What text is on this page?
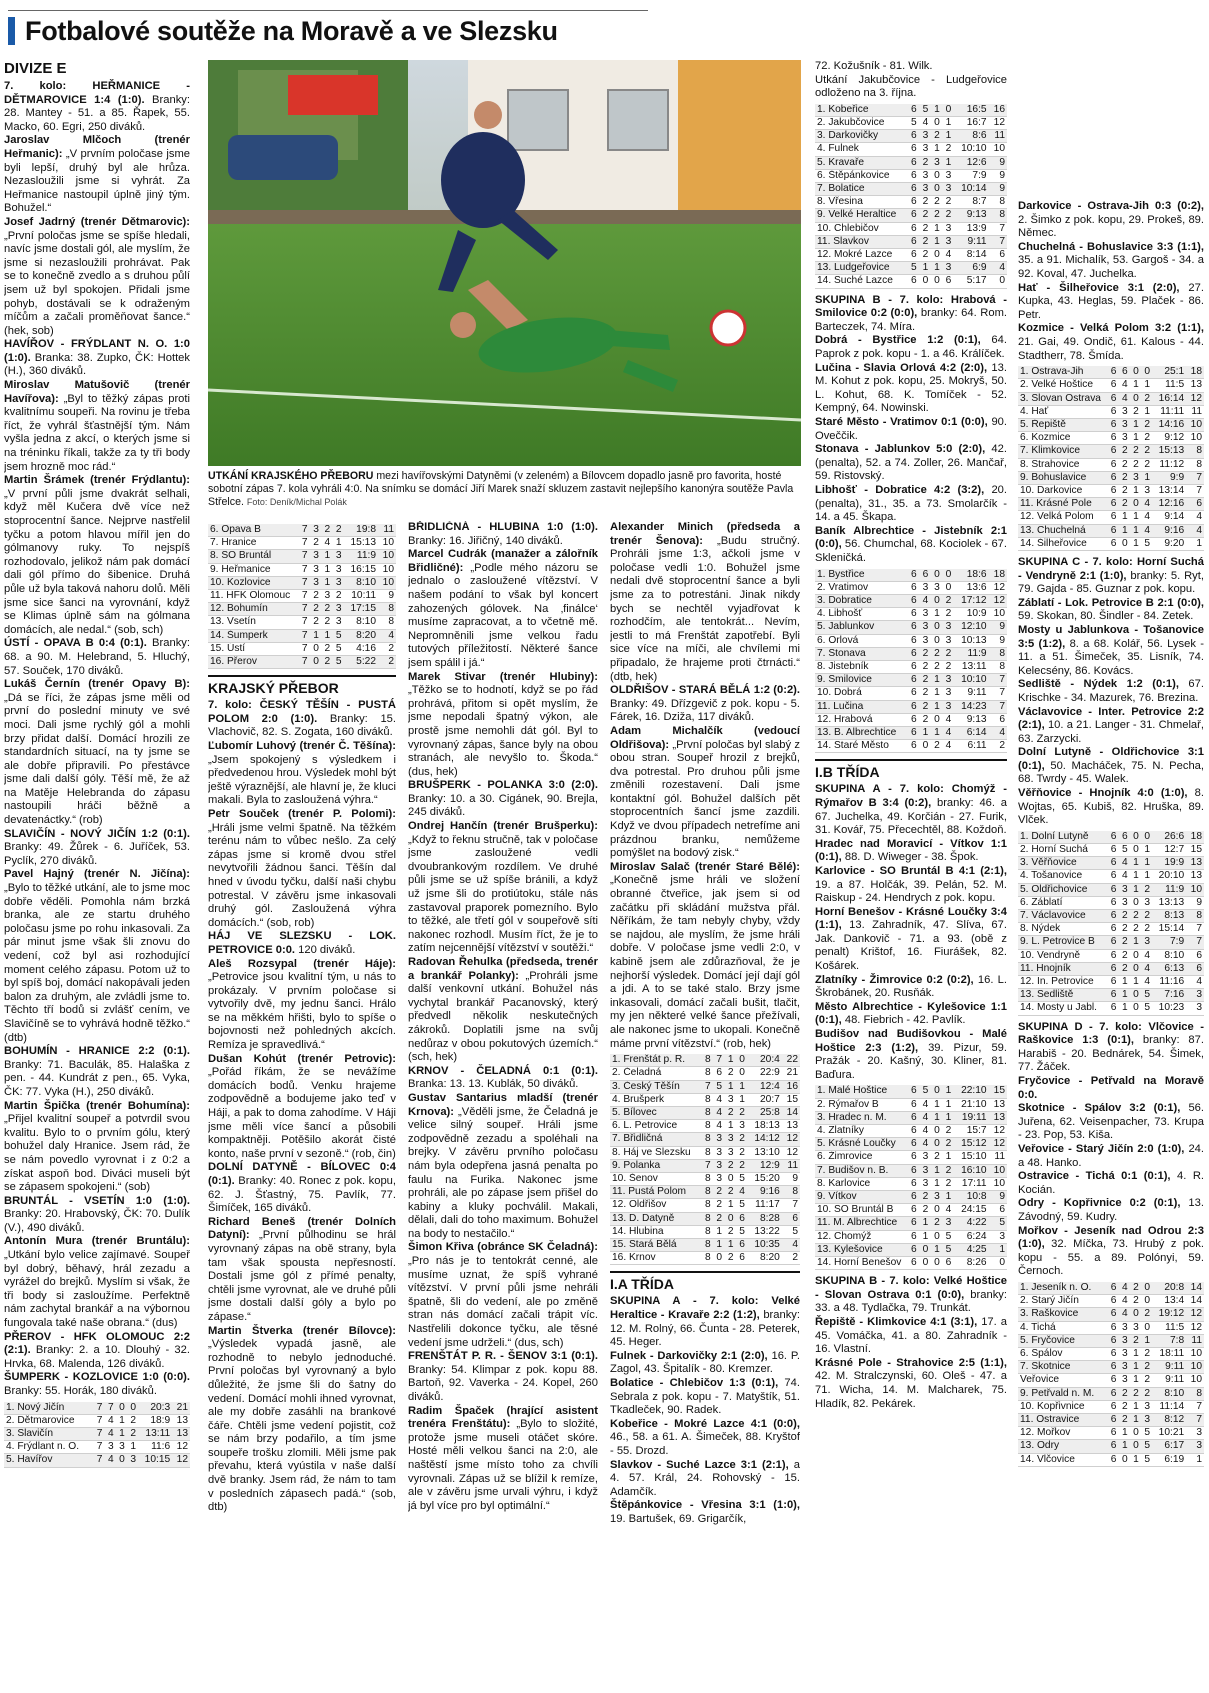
Fotbalové soutěže na Moravě a ve Slezsku
DIVIZE E

7. kolo: HEŘMANICE - DĚTMAROVICE 1:4 (1:0). Branky: 28. Mantey - 51. a 85. Řapek, 55. Macko, 60. Egri, 250 diváků.

Jaroslav Mlčoch (trenér Heřmanic): „V prvním poločase jsme byli lepší, druhý byl ale hrůza. Nezasloužili jsme si vyhrát. Za Heřmanice nastoupil úplně jiný tým. Bohužel.“

Josef Jadrný (trenér Dětmarovic): „První poločas jsme se spíše hledali, navíc jsme dostali gól, ale myslím, že jsme si nezasloužili prohrávat. Pak se to konečně zvedlo a s druhou půlí jsem už byl spokojen. Přidali jsme pohyb, dostávali se k odraženým míčům a začali proměňovat šance.“ (hek, sob)

HAVÍŘOV - FRÝDLANT N. O. 1:0 (1:0). Branka: 38. Zupko, ČK: Hottek (H.), 360 diváků.

Miroslav Matušovič (trenér Havířova): „Byl to těžký zápas proti kvalitnímu soupeři. Na rovinu je třeba říct, že vyhrál šťastnější tým. Nám vyšla jedna z akcí, o kterých jsme si na tréninku říkali, takže za ty tři body jsem hrozně moc rád.“

Martin Šrámek (trenér Frýdlantu): „V první půli jsme dvakrát selhali, když měl Kučera dvě více než stoprocentní šance. Nejprve nastřelil tyčku a potom hlavou mířil jen do gólmanovy ruky. To nejspíš rozhodovalo, jelikož nám pak domácí dali gól přímo do šibenice. Druhá půle už byla taková nahoru dolů. Měli jsme sice šanci na vyrovnání, když se Klimas úplně sám na gólmana domácích, ale nedal.“ (sob, sch)

ÚSTÍ - OPAVA B 0:4 (0:1). Branky: 68. a 90. M. Helebrand, 5. Hluchý, 57. Souček, 170 diváků.

Lukáš Černín (trenér Opavy B): „Dá se říci, že zápas jsme měli od první do poslední minuty ve své moci. Dali jsme rychlý gól a mohli brzy přidat další. Domácí hrozili ze standardních situací, na ty jsme se ale dobře připravili. Po přestávce jsme dali další góly. Těší mě, že až na Matěje Helebranda do zápasu nastoupili hráči běžně a devatenáctky.“ (rob)

SLAVIČÍN - NOVÝ JIČÍN 1:2 (0:1). Branky: 49. Žůrek - 6. Juříček, 53. Pyclík, 270 diváků.

Pavel Hajný (trenér N. Jičína): „Bylo to těžké utkání, ale to jsme moc dobře věděli. Pomohla nám brzká branka, ale ze startu druhého poločasu jsme po rohu inkasovali. Za pár minut jsme však šli znovu do vedení, což byl asi rozhodující moment celého zápasu. Potom už to byl spíš boj, domácí nakopávali jeden balon za druhým, ale zvládli jsme to. Těchto tří bodů si zvlášť cením, ve Slavičíně se to vyhrává hodně těžko.“ (dtb)

BOHUMÍN - HRANICE 2:2 (0:1). Branky: 71. Baculák, 85. Halaška z pen. - 44. Kundrát z pen., 65. Vyka, ČK: 77. Vyka (H.), 250 diváků.

Martin Špička (trenér Bohumína): „Přijel kvalitní soupeř a potvrdil svou kvalitu. Bylo to o prvním gólu, který bohužel daly Hranice. Jsem rád, že se nám povedlo vyrovnat i z 0:2 a získat aspoň bod. Diváci museli být se zápasem spokojeni.“ (sob)

BRUNTÁL - VSETÍN 1:0 (1:0). Branky: 20. Hrabovský, ČK: 70. Dulík (V.), 490 diváků.

Antonín Mura (trenér Bruntálu): „Utkání bylo velice zajímavé. Soupeř byl dobrý, běhavý, hrál zezadu a vyrážel do brejků. Myslím si však, že tři body si zasloužíme. Perfektně nám zachytal brankář a na výbornou fungovala také naše obrana.“ (dus)

PŘEROV - HFK OLOMOUC 2:2 (2:1). Branky: 2. a 10. Dlouhý - 32. Hrvka, 68. Malenda, 126 diváků.

ŠUMPERK - KOZLOVICE 1:0 (0:0). Branky: 55. Horák, 180 diváků.

1. Nový Jičín	7	7	0	0	20:3	21
2. Dětmarovice	7	4	1	2	18:9	13
3. Slavičín	7	4	1	2	13:11	13
4. Frýdlant n. O.	7	3	3	1	11:6	12
5. Havířov	7	4	0	3	10:15	12
UTKÁNÍ KRAJSKÉHO PŘEBORU mezi havířovskými Datyněmi (v zeleném) a Bílovcem dopadlo jasně pro favorita, hosté sobotní zápas 7. kola vyhráli 4:0. Na snímku se domácí Jiří Marek snaží skluzem zastavit nejlepšího kanonýra soutěže Pavla Střelce. Foto: Deník/Michal Polák
6. Opava B	7	3	2	2	19:8	11
7. Hranice	7	2	4	1	15:13	10
8. SO Bruntál	7	3	1	3	11:9	10
9. Heřmanice	7	3	1	3	16:15	10
10. Kozlovice	7	3	1	3	8:10	10
11. HFK Olomouc	7	2	3	2	10:11	9
12. Bohumín	7	2	2	3	17:15	8
13. Vsetín	7	2	2	3	8:10	8
14. Šumperk	7	1	1	5	8:20	4
15. Ústí	7	0	2	5	4:16	2
16. Přerov	7	0	2	5	5:22	2
KRAJSKÝ PŘEBOR

7. kolo: ČESKÝ TĚŠÍN - PUSTÁ POLOM 2:0 (1:0). Branky: 15. Vlachovič, 82. S. Zogata, 160 diváků.

Ľubomír Luhový (trenér Č. Těšína): „Jsem spokojený s výsledkem i předvedenou hrou. Výsledek mohl být ještě výraznější, ale hlavní je, že kluci makali. Byla to zasloužená výhra.“

Petr Souček (trenér P. Polomi): „Hráli jsme velmi špatně. Na těžkém terénu nám to vůbec nešlo. Za celý zápas jsme si kromě dvou střel nevytvořili žádnou šanci. Těšín dal hned v úvodu tyčku, další naši chybu potrestal. V závěru jsme inkasovali druhý gól. Zasloužená výhra domácích.“ (sob, rob)

HÁJ VE SLEZSKU - LOK. PETROVICE 0:0. 120 diváků.

Aleš Rozsypal (trenér Háje): „Petrovice jsou kvalitní tým, u nás to prokázaly. V prvním poločase si vytvořily dvě, my jednu šanci. Hrálo se na měkkém hřišti, bylo to spíše o bojovnosti než pohledných akcích. Remíza je spravedlivá.“

Dušan Kohút (trenér Petrovic): „Pořád říkám, že se nevážíme domácích bodů. Venku hrajeme zodpovědně a bodujeme jako teď v Háji, a pak to doma zahodíme. V Háji jsme měli více šancí a působili kompaktněji. Potěšilo akorát čisté konto, naše první v sezoně.“ (rob, čin)

DOLNÍ DATYNĚ - BÍLOVEC 0:4 (0:1). Branky: 40. Ronec z pok. kopu, 62. J. Šťastný, 75. Pavlík, 77. Šimíček, 165 diváků.

Richard Beneš (trenér Dolních Datyní): „První půlhodinu se hrál vyrovnaný zápas na obě strany, byla tam však spousta nepřesností. Dostali jsme gól z přímé penalty, chtěli jsme vyrovnat, ale ve druhé půli jsme dostali další góly a bylo po zápase.“

Martin Štverka (trenér Bílovce): „Výsledek vypadá jasně, ale rozhodně to nebylo jednoduché. První poločas byl vyrovnaný a bylo důležité, že jsme šli do šatny do vedení. Domácí mohli ihned vyrovnat, ale my dobře zasáhli na brankové čáře. Chtěli jsme vedení pojistit, což se nám brzy podařilo, a tím jsme soupeře trošku zlomili. Měli jsme pak převahu, která vyústila v naše další dvě branky. Jsem rád, že nám to tam v posledních zápasech padá.“ (sob, dtb)

BŘIDLIČNÁ - HLUBINA 1:0 (1:0). Branky: 16. Jiřičný, 140 diváků.

Marcel Cudrák (manažer a zálořník Břidličné): „Podle mého názoru se jednalo o zasloužené vítězství. V našem podání to však byl koncert zahozených gólovek. Na ‚finálce‘ musíme zapracovat, a to včetně mě. Nepromněnili jsme velkou řadu tutových příležitostí. Některé šance jsem spálil i já.“

Marek Stivar (trenér Hlubiny): „Těžko se to hodnotí, když se po řád prohrává, přitom si opět myslím, že jsme nepodali špatný výkon, ale prostě jsme nemohli dát gól. Byl to vyrovnaný zápas, šance byly na obou stranách, ale nevyšlo to. Škoda.“ (dus, hek)

BRUŠPERK - POLANKA 3:0 (2:0). Branky: 10. a 30. Cigánek, 90. Brejla, 245 diváků.

Ondrej Hančín (trenér Brušperku): „Když to řeknu stručně, tak v poločase jsme zasloužené vedli dvoubrankovým rozdílem. Ve druhé půli jsme se už spíše bránili, a když už jsme šli do protiútoku, stále nás zastavoval praporek pomezního. Bylo to těžké, ale třetí gól v soupeřově síti nakonec rozhodl. Musím říct, že je to zatím nejcennější vítězství v soutěži.“

Radovan Řehulka (předseda, trenér a brankář Polanky): „Prohráli jsme další venkovní utkání. Bohužel nás vychytal brankář Pacanovský, který předvedl několik neskutečných zákroků. Doplatili jsme na svůj nedůraz v obou pokutových územích.“ (sch, hek)

KRNOV - ČELADNÁ 0:1 (0:1). Branka: 13. 13. Kublák, 50 diváků.

Gustav Santarius mladší (trenér Krnova): „Věděli jsme, že Čeladná je velice silný soupeř. Hráli jsme zodpovědně zezadu a spoléhali na brejky. V závěru prvního poločasu nám byla odepřena jasná penalta po faulu na Furika. Nakonec jsme prohráli, ale po zápase jsem přišel do kabiny a kluky pochválil. Makali, dělali, dali do toho maximum. Bohužel na body to nestačilo.“

Šimon Křiva (obránce SK Čeladná): „Pro nás je to tentokrát cenné, ale musíme uznat, že spíš vyhrané vítězství. V první půli jsme nehráli špatně, šli do vedení, ale po změně stran nás domácí začali trápit víc. Nastřelili dokonce tyčku, ale těsné vedení jsme udrželi.“ (dus, sch)

FRENŠTÁT P. R. - ŠENOV 3:1 (0:1). Branky: 54. Klimpar z pok. kopu 88. Bartoň, 92. Vaverka - 24. Kopel, 260 diváků.

Radim Špaček (hrající asistent trenéra Frenštátu): „Bylo to složité, protože jsme museli otáčet skóre. Hosté měli velkou šanci na 2:0, ale naštěstí jsme místo toho za chvíli vyrovnali. Zápas už se blížil k remíze, ale v závěru jsme urvali výhru, i když já byl více pro byl optimální.“

Alexander Minich (předseda a trenér Šenova): „Budu stručný. Prohráli jsme 1:3, ačkoli jsme v poločase vedli 1:0. Bohužel jsme nedali dvě stoprocentní šance a byli jsme za to potrestáni. Jinak nikdy bych se nechtěl vyjadřovat k rozhodčím, ale tentokrát... Nevím, jestli to má Frenštát zapotřebí. Byli sice více na míči, ale chvílemi mi připadalo, že hrajeme proti čtrnácti.“ (dtb, hek)

OLDŘIŠOV - STARÁ BĚLÁ 1:2 (0:2). Branky: 49. Dřízgevič z pok. kopu - 5. Fárek, 16. Dziža, 117 diváků.

Adam Michalčík (vedoucí Oldřišova): „První poločas byl slabý z obou stran. Soupeř hrozil z brejků, dva potrestal. Pro druhou půli jsme změnili rozestavení. Dali jsme kontaktní gól. Bohužel dalších pět stoprocentních šancí jsme zazdili. Když ve dvou případech netrefíme ani prázdnou branku, nemůžeme pomýšlet na bodový zisk.“

Miroslav Salač (trenér Staré Bělé): „Konečně jsme hráli ve složení obranné čtveřice, jak jsem si od začátku při skládání mužstva přál. Něříkám, že tam nebyly chyby, vždy se najdou, ale myslím, že jsme hráli dobře. V poločase jsme vedli 2:0, v kabině jsem ale zdůrazňoval, že je nejhorší výsledek. Domácí její dají gól a jdi. A to se také stalo. Brzy jsme inkasovali, domácí začali bušit, tlačit, my jen některé velké šance přežívali, ale nakonec jsme to ukopali. Konečně máme první vítězství.“ (rob, hek)

1. Frenštát p. R.	8	7	1	0	20:4	22
2. Čeladná	8	6	2	0	22:9	21
3. Český Těšín	7	5	1	1	12:4	16
4. Brušperk	8	4	3	1	20:7	15
5. Bílovec	8	4	2	2	25:8	14
6. L. Petrovice	8	4	1	3	18:13	13
7. Břidličná	8	3	3	2	14:12	12
8. Háj ve Slezsku	8	3	3	2	13:10	12
9. Polanka	7	3	2	2	12:9	11
10. Šenov	8	3	0	5	15:20	9
11. Pustá Polom	8	2	2	4	9:16	8
12. Oldřišov	8	2	1	5	11:17	7
13. D. Datyně	8	2	0	6	8:28	6
14. Hlubina	8	1	2	5	13:22	5
15. Stará Bělá	8	1	1	6	10:35	4
16. Krnov	8	0	2	6	8:20	2
I.A TŘÍDA

SKUPINA A - 7. kolo: Velké Heraltice - Kravaře 2:2 (1:2), branky: 12. M. Rolný, 66. Čunta - 28. Peterek, 45. Heger.

Fulnek - Darkovičky 2:1 (2:0), 16. P. Zagol, 43. Špitalík - 80. Kremzer.

Bolatice - Chlebičov 1:3 (0:1), 74. Sebrala z pok. kopu - 7. Matyštík, 51. Tkadleček, 90. Radek.

Kobeřice - Mokré Lazce 4:1 (0:0), 46., 58. a 61. A. Šimeček, 88. Kryštof - 55. Drozd.

Slavkov - Suché Lazce 3:1 (2:1), a 4. 57. Král, 24. Rohovský - 15. Adamčík.

Štěpánkovice - Vřesina 3:1 (1:0), 19. Bartušek, 69. Grigarčík,

72. Kožušník - 81. Wilk.

Utkání Jakubčovice - Ludgeřovice odloženo na 3. října.

1. Kobeřice	6	5	1	0	16:5	16
2. Jakubčovice	5	4	0	1	16:7	12
3. Darkovičky	6	3	2	1	8:6	11
4. Fulnek	6	3	1	2	10:10	10
5. Kravaře	6	2	3	1	12:6	9
6. Štěpánkovice	6	3	0	3	7:9	9
7. Bolatice	6	3	0	3	10:14	9
8. Vřesina	6	2	2	2	8:7	8
9. Velké Heraltice	6	2	2	2	9:13	8
10. Chlebičov	6	2	1	3	13:9	7
11. Slavkov	6	2	1	3	9:11	7
12. Mokré Lazce	6	2	0	4	8:14	6
13. Ludgeřovice	5	1	1	3	6:9	4
14. Suché Lazce	6	0	0	6	5:17	0

SKUPINA B - 7. kolo: Hrabová - Smilovice 0:2 (0:0), branky: 64. Rom. Barteczek, 74. Míra.

Dobrá - Bystřice 1:2 (0:1), 64. Paprok z pok. kopu - 1. a 46. Králíček.

Lučina - Slavia Orlová 4:2 (2:0), 13. M. Kohut z pok. kopu, 25. Mokryš, 50. L. Kohut, 68. K. Tomíček - 52. Kempný, 64. Nowinski.

Staré Město - Vratimov 0:1 (0:0), 90. Oveččik.

Stonava - Jablunkov 5:0 (2:0), 42. (penalta), 52. a 74. Zoller, 26. Mančař, 59. Ristovský.

Libhošť - Dobratice 4:2 (3:2), 20. (penalta), 31., 35. a 73. Smolarčík - 14. a 45. Škapa.

Baník Albrechtice - Jistebník 2:1 (0:0), 56. Chumchal, 68. Kociolek - 67. Skleničká.

1. Bystřice	6	6	0	0	18:6	18
2. Vratimov	6	3	3	0	13:6	12
3. Dobratice	6	4	0	2	17:12	12
4. Libhošť	6	3	1	2	10:9	10
5. Jablunkov	6	3	0	3	12:10	9
6. Orlová	6	3	0	3	10:13	9
7. Stonava	6	2	2	2	11:9	8
8. Jistebník	6	2	2	2	13:11	8
9. Smilovice	6	2	1	3	10:10	7
10. Dobrá	6	2	1	3	9:11	7
11. Lučina	6	2	1	3	14:23	7
12. Hrabová	6	2	0	4	9:13	6
13. B. Albrechtice	6	1	1	4	6:14	4
14. Staré Město	6	0	2	4	6:11	2
I.B TŘÍDA

SKUPINA A - 7. kolo: Chomýž - Rýmařov B 3:4 (0:2), branky: 46. a 67. Juchelka, 49. Korčián - 27. Furik, 31. Kovář, 75. Přecechtěl, 88. Koždoň.

Hradec nad Moravicí - Vítkov 1:1 (0:1), 88. D. Wiweger - 38. Špok.

Karlovice - SO Bruntál B 4:1 (2:1), 19. a 87. Holčák, 39. Pelán, 52. M. Raiskup - 24. Hendrych z pok. kopu.

Horní Benešov - Krásné Loučky 3:4 (1:1), 13. Zahradník, 47. Slíva, 67. Jak. Dankovič - 71. a 93. (obě z penalt) Krištof, 16. Fiurášek, 82. Košárek.

Zlatníky - Žimrovice 0:2 (0:2), 16. L. Škrobánek, 20. Rusňák.

Město Albrechtice - Kylešovice 1:1 (0:1), 48. Fiebrich - 42. Pavlík.

Budišov nad Budišovkou - Malé Hoštice 2:3 (1:2), 39. Pizur, 59. Pražák - 20. Kašný, 30. Kliner, 81. Baďura.

1. Malé Hoštice	6	5	0	1	22:10	15
2. Rýmařov B	6	4	1	1	21:10	13
3. Hradec n. M.	6	4	1	1	19:11	13
4. Zlatníky	6	4	0	2	15:7	12
5. Krásné Loučky	6	4	0	2	15:12	12
6. Žimrovice	6	3	2	1	15:10	11
7. Budišov n. B.	6	3	1	2	16:10	10
8. Karlovice	6	3	1	2	17:11	10
9. Vítkov	6	2	3	1	10:8	9
10. SO Bruntál B	6	2	0	4	24:15	6
11. M. Albrechtice	6	1	2	3	4:22	5
12. Chomýž	6	1	0	5	6:24	3
13. Kylešovice	6	0	1	5	4:25	1
14. Horní Benešov	6	0	0	6	8:26	0

SKUPINA B - 7. kolo: Velké Hoštice - Slovan Ostrava 0:1 (0:0), branky: 33. a 48. Tydlačka, 79. Trunkát.

Řepiště - Klimkovice 4:1 (3:1), 17. a 45. Vomáčka, 41. a 80. Zahradník - 16. Vlastní.

Krásné Pole - Strahovice 2:5 (1:1), 42. M. Stralczynski, 60. Oleš - 47. a 71. Wicha, 14. M. Malcharek, 75. Hladík, 82. Pekárek.

Darkovice - Ostrava-Jih 0:3 (0:2), 2. Šimko z pok. kopu, 29. Prokeš, 89. Němec.

Chuchelná - Bohuslavice 3:3 (1:1), 35. a 91. Michalík, 53. Gargoš - 34. a 92. Koval, 47. Juchelka.

Hať - Šilheřovice 3:1 (2:0), 27. Kupka, 43. Heglas, 59. Plaček - 86. Petr.

Kozmice - Velká Polom 3:2 (1:1), 21. Gai, 49. Ondič, 61. Kalous - 44. Stadtherr, 78. Šmída.

1. Ostrava-Jih	6	6	0	0	25:1	18
2. Velké Hoštice	6	4	1	1	11:5	13
3. Slovan Ostrava	6	4	0	2	16:14	12
4. Hať	6	3	2	1	11:11	11
5. Řepiště	6	3	1	2	14:16	10
6. Kozmice	6	3	1	2	9:12	10
7. Klimkovice	6	2	2	2	15:13	8
8. Strahovice	6	2	2	2	11:12	8
9. Bohuslavice	6	2	3	1	9:9	7
10. Darkovice	6	2	1	3	13:14	7
11. Krásné Pole	6	2	0	4	12:16	6
12. Velká Polom	6	1	1	4	9:14	4
13. Chuchelná	6	1	1	4	9:16	4
14. Šilheřovice	6	0	1	5	9:20	1

SKUPINA C - 7. kolo: Horní Suchá - Vendryně 2:1 (1:0), branky: 5. Ryt, 79. Gajda - 85. Guznar z pok. kopu.

Záblatí - Lok. Petrovice B 2:1 (0:0), 59. Skokan, 80. Šindler - 84. Zetek.

Mosty u Jablunkova - Tošanovice 3:5 (1:2), 8. a 68. Kolář, 56. Lysek - 11. a 51. Šimeček, 35. Lisník, 74. Kelecsény, 86. Kovács.

Sedliště - Nýdek 1:2 (0:1), 67. Krischke - 34. Mazurek, 76. Brezina.

Václavovice - Inter. Petrovice 2:2 (2:1), 10. a 21. Langer - 31. Chmelař, 63. Zarzycki.

Dolní Lutyně - Oldřichovice 3:1 (0:1), 50. Macháček, 75. N. Pecha, 68. Twrdy - 45. Walek.

Věřňovice - Hnojník 4:0 (1:0), 8. Wojtas, 65. Kubiš, 82. Hruška, 89. Vlček.

1. Dolní Lutyně	6	6	0	0	26:6	18
2. Horní Suchá	6	5	0	1	12:7	15
3. Věřňovice	6	4	1	1	19:9	13
4. Tošanovice	6	4	1	1	20:10	13
5. Oldřichovice	6	3	1	2	11:9	10
6. Záblatí	6	3	0	3	13:13	9
7. Václavovice	6	2	2	2	8:13	8
8. Nýdek	6	2	2	2	15:14	7
9. L. Petrovice B	6	2	1	3	7:9	7
10. Vendryně	6	2	0	4	8:10	6
11. Hnojník	6	2	0	4	6:13	6
12. In. Petrovice	6	1	1	4	11:16	4
13. Sedliště	6	1	0	5	7:16	3
14. Mosty u Jabl.	6	1	0	5	10:23	3

SKUPINA D - 7. kolo: Vlčovice - Raškovice 1:3 (0:1), branky: 87. Harabiš - 20. Bednárek, 54. Šimek, 77. Žáček.

Fryčovice - Petřvald na Moravě 0:0.

Skotnice - Spálov 3:2 (0:1), 56. Juřena, 62. Veisenpacher, 73. Krupa - 23. Pop, 53. Kiša.

Veřovice - Starý Jičín 2:0 (1:0), 24. a 48. Hanko.

Ostravice - Tichá 0:1 (0:1), 4. R. Kocián.

Odry - Kopřivnice 0:2 (0:1), 13. Závodný, 59. Kudry.

Mořkov - Jeseník nad Odrou 2:3 (1:0), 32. Míčka, 73. Hrubý z pok. kopu - 55. a 89. Polónyi, 59. Černoch.

1. Jeseník n. O.	6	4	2	0	20:8	14
2. Starý Jičín	6	4	2	0	13:4	14
3. Raškovice	6	4	0	2	19:12	12
4. Tichá	6	3	3	0	11:5	12
5. Fryčovice	6	3	2	1	7:8	11
6. Spálov	6	3	1	2	18:11	10
7. Skotnice	6	3	1	2	9:11	10
Veřovice	6	3	1	2	9:11	10
9. Petřvald n. M.	6	2	2	2	8:10	8
10. Kopřivnice	6	2	1	3	11:14	7
11. Ostravice	6	2	1	3	8:12	7
12. Mořkov	6	1	0	5	10:21	3
13. Odry	6	1	0	5	6:17	3
14. Vlčovice	6	0	1	5	6:19	1
